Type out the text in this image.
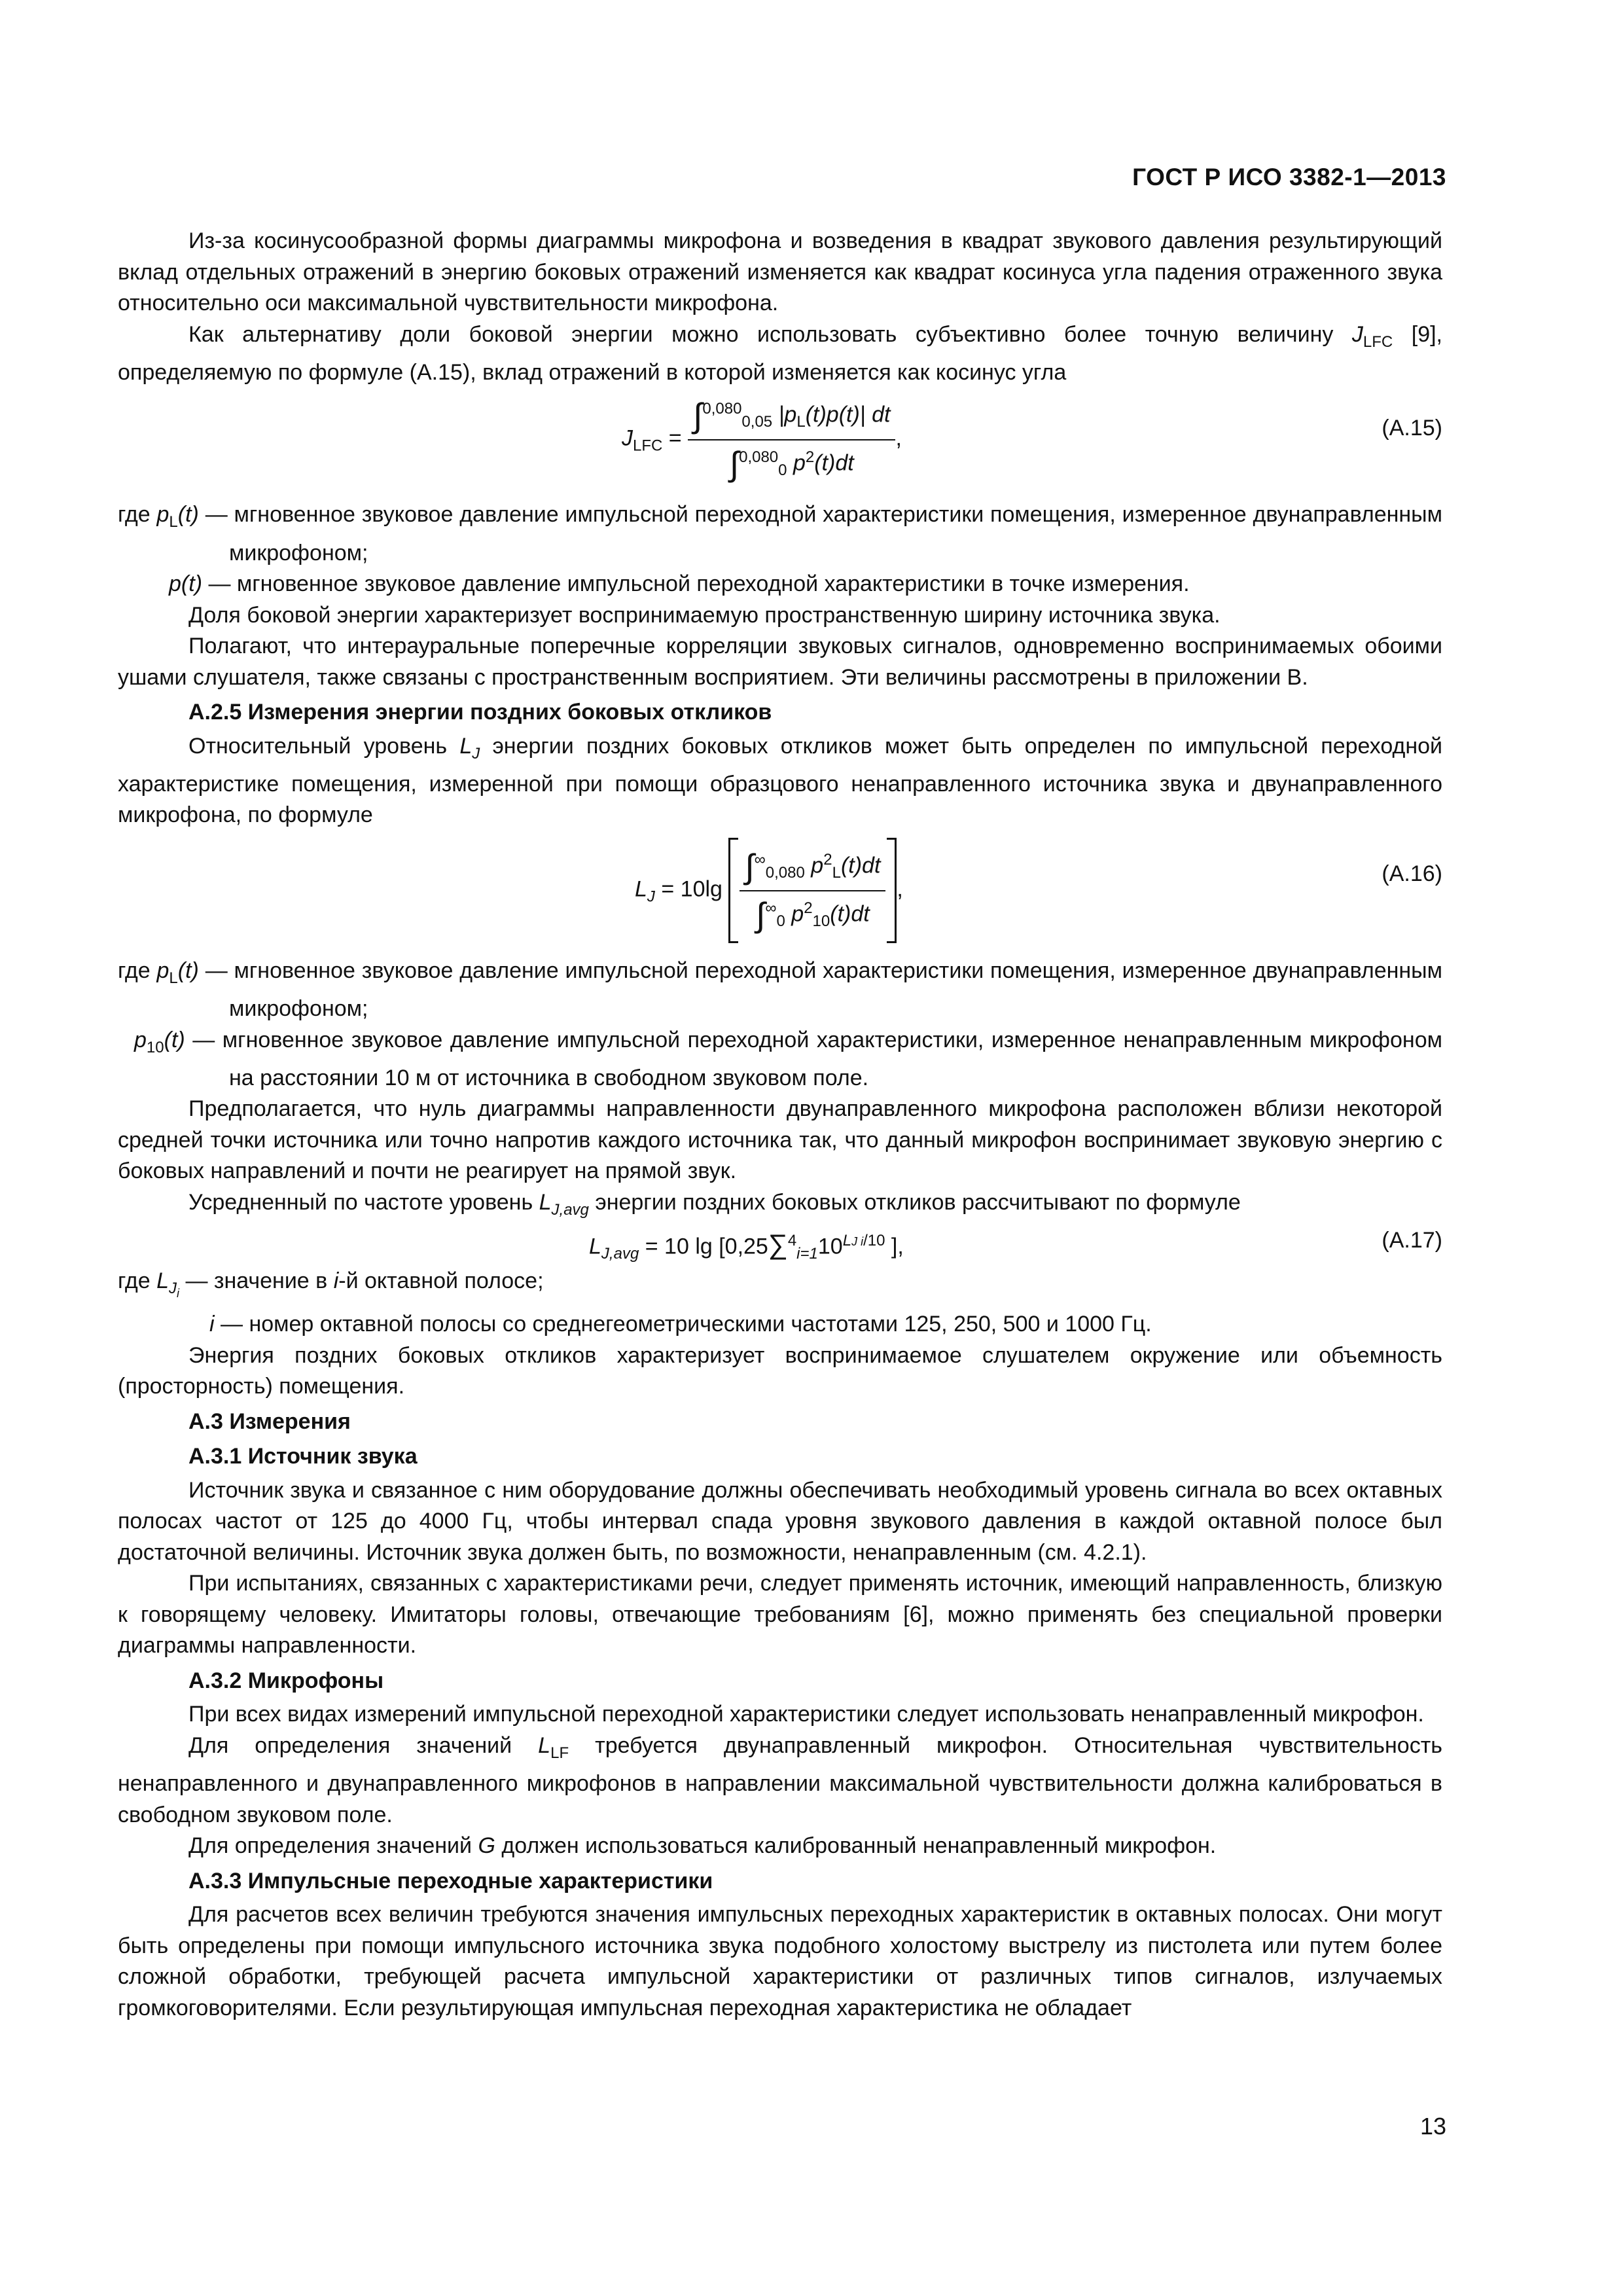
ГОСТ Р ИСО 3382-1—2013

Из-за косинусообразной формы диаграммы микрофона и возведения в квадрат звукового давления результирующий вклад отдельных отражений в энергию боковых отражений изменяется как квадрат косинуса угла падения отраженного звука относительно оси максимальной чувствительности микрофона.

Как альтернативу доли боковой энергии можно использовать субъективно более точную величину $J_{LFC}$ [9], определяемую по формуле (А.15), вклад отражений в которой изменяется как косинус угла

$J_{LFC} = \frac{\int^{0,080}_{0,05} |p_L(t)p(t)| dt}{\int^{0,080}_0 p^2(t)dt}$ ,	(А.15)

где $p_L(t)$ — мгновенное звуковое давление импульсной переходной характеристики помещения, измеренное двунаправленным микрофоном;

p(t) — мгновенное звуковое давление импульсной переходной характеристики в точке измерения.

Доля боковой энергии характеризует воспринимаемую пространственную ширину источника звука.

Полагают, что интерауральные поперечные корреляции звуковых сигналов, одновременно воспринимаемых обоими ушами слушателя, также связаны с пространственным восприятием. Эти величины рассмотрены в приложении В.

А.2.5 Измерения энергии поздних боковых откликов

Относительный уровень $L_J$ энергии поздних боковых откликов может быть определен по импульсной переходной характеристике помещения, измеренной при помощи образцового ненаправленного источника звука и двунаправленного микрофона, по формуле

$L_J = 10\lg \frac{\int^\infty_{0,080} p^2_L(t)dt}{\int^\infty_0 p^2_{10}(t)dt}$ ,
(А.16)

где $p_L(t)$ — мгновенное звуковое давление импульсной переходной характеристики помещения, измеренное двунаправленным микрофоном;

$p_{10}(t)$ — мгновенное звуковое давление импульсной переходной характеристики, измеренное ненаправленным микрофоном на расстоянии 10 м от источника в свободном звуковом поле.

Предполагается, что нуль диаграммы направленности двунаправленного микрофона расположен вблизи некоторой средней точки источника или точно напротив каждого источника так, что данный микрофон воспринимает звуковую энергию с боковых направлений и почти не реагирует на прямой звук.

Усредненный по частоте уровень $L_{J,avg}$ энергии поздних боковых откликов рассчитывают по формуле

$L_{J,avg} = 10$ $\lg [0,25\sum^4_{i=1}10^{LJ i/10}$ ],	(А.17)

где $L_{J_i}$ — значение в i-й октавной полосе;

i — номер октавной полосы со среднегеометрическими частотами 125, 250, 500 и 1000 Гц.

Энергия поздних боковых откликов характеризует воспринимаемое слушателем окружение или объемность (просторность) помещения.

А.3 Измерения

А.3.1 Источник звука

Источник звука и связанное с ним оборудование должны обеспечивать необходимый уровень сигнала во всех октавных полосах частот от 125 до 4000 Гц, чтобы интервал спада уровня звукового давления в каждой октавной полосе был достаточной величины. Источник звука должен быть, по возможности, ненаправленным (см. 4.2.1).

При испытаниях, связанных с характеристиками речи, следует применять источник, имеющий направленность, близкую к говорящему человеку. Имитаторы головы, отвечающие требованиям [6], можно применять без специальной проверки диаграммы направленности.

А.3.2 Микрофоны

При всех видах измерений импульсной переходной характеристики следует использовать ненаправленный микрофон.

Для определения значений $L_{LF}$ требуется двунаправленный микрофон. Относительная чувствительность ненаправленного и двунаправленного микрофонов в направлении максимальной чувствительности должна калиброваться в свободном звуковом поле.

Для определения значений G должен использоваться калиброванный ненаправленный микрофон.

А.3.3 Импульсные переходные характеристики

Для расчетов всех величин требуются значения импульсных переходных характеристик в октавных полосах. Они могут быть определены при помощи импульсного источника звука подобного холостому выстрелу из пистолета или путем более сложной обработки, требующей расчета импульсной характеристики от различных типов сигналов, излучаемых громкоговорителями. Если результирующая импульсная переходная характеристика не обладает

13
